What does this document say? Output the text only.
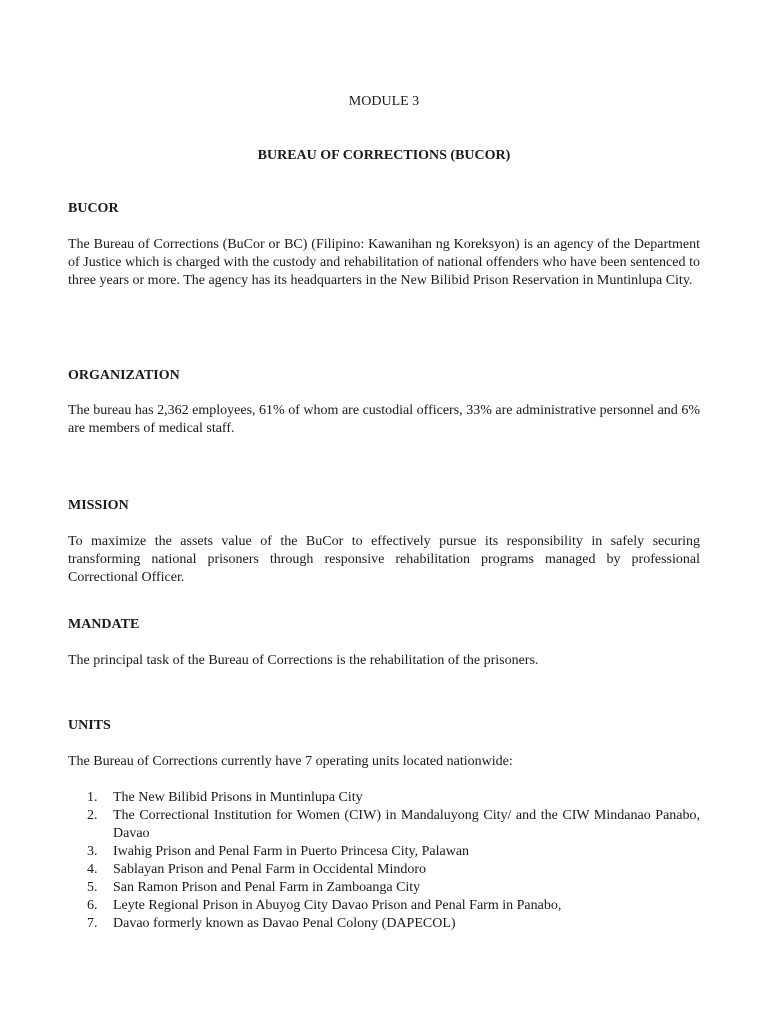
MODULE 3
BUREAU OF CORRECTIONS (BUCOR)
BUCOR
The Bureau of Corrections (BuCor or BC) (Filipino: Kawanihan ng Koreksyon) is an agency of the Department of Justice which is charged with the custody and rehabilitation of national offenders who have been sentenced to three years or more. The agency has its headquarters in the New Bilibid Prison Reservation in Muntinlupa City.
ORGANIZATION
The bureau has 2,362 employees, 61% of whom are custodial officers, 33% are administrative personnel and 6% are members of medical staff.
MISSION
To maximize the assets value of the BuCor to effectively pursue its responsibility in safely securing transforming national prisoners through responsive rehabilitation programs managed by professional Correctional Officer.
MANDATE
The principal task of the Bureau of Corrections is the rehabilitation of the prisoners.
UNITS
The Bureau of Corrections currently have 7 operating units located nationwide:
1. The New Bilibid Prisons in Muntinlupa City
2. The Correctional Institution for Women (CIW) in Mandaluyong City/ and the CIW Mindanao Panabo, Davao
3. Iwahig Prison and Penal Farm in Puerto Princesa City, Palawan
4. Sablayan Prison and Penal Farm in Occidental Mindoro
5. San Ramon Prison and Penal Farm in Zamboanga City
6. Leyte Regional Prison in Abuyog City Davao Prison and Penal Farm in Panabo,
7. Davao formerly known as Davao Penal Colony (DAPECOL)
